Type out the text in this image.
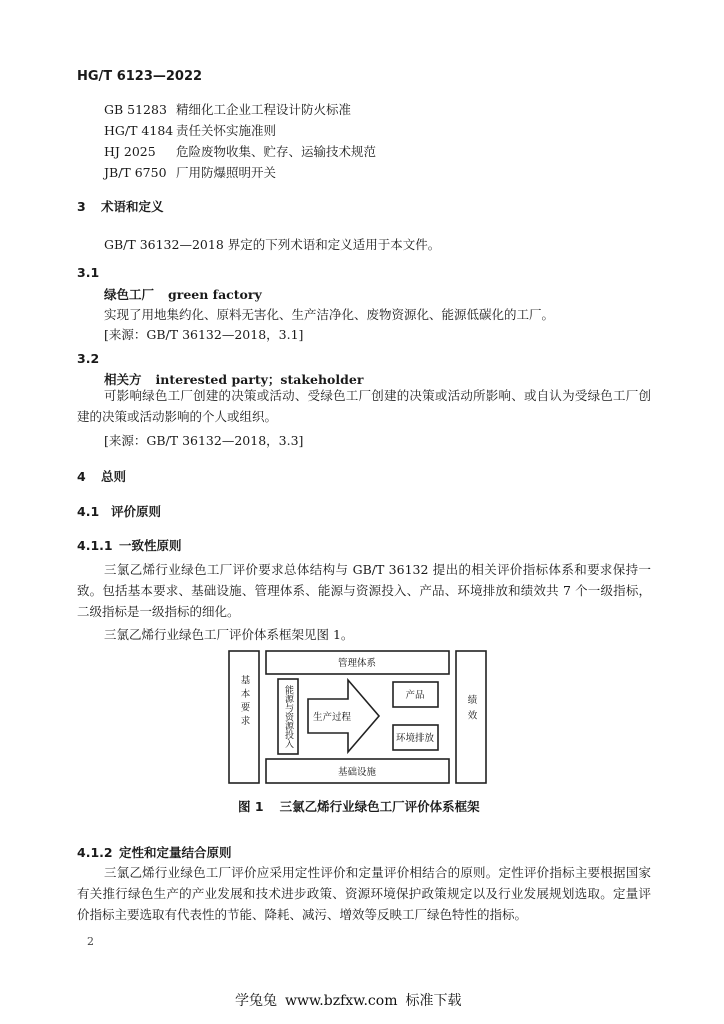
HG/T 6123—2022
GB 51283 精细化工企业工程设计防火标准
HG/T 4184 责任关怀实施准则
HJ 2025 危险废物收集、贮存、运输技术规范
JB/T 6750 厂用防爆照明开关
3 术语和定义
GB/T 36132—2018 界定的下列术语和定义适用于本文件。
3.1
绿色工厂 green factory
实现了用地集约化、原料无害化、生产洁净化、废物资源化、能源低碳化的工厂。
[来源：GB/T 36132—2018，3.1]
3.2
相关方 interested party；stakeholder
可影响绿色工厂创建的决策或活动、受绿色工厂创建的决策或活动所影响、或自认为受绿色工厂创建的决策或活动影响的个人或组织。
[来源：GB/T 36132—2018，3.3]
4 总则
4.1 评价原则
4.1.1 一致性原则
三氯乙烯行业绿色工厂评价要求总体结构与 GB/T 36132 提出的相关评价指标体系和要求保持一致。包括基本要求、基础设施、管理体系、能源与资源投入、产品、环境排放和绩效共 7 个一级指标，二级指标是一级指标的细化。
三氯乙烯行业绿色工厂评价体系框架见图 1。
管理体系
基础设施
生产过程
产品
环境排放
基本要求	绩效
能源与资源投入
图 1 三氯乙烯行业绿色工厂评价体系框架
4.1.2 定性和定量结合原则
三氯乙烯行业绿色工厂评价应采用定性评价和定量评价相结合的原则。定性评价指标主要根据国家有关推行绿色生产的产业发展和技术进步政策、资源环境保护政策规定以及行业发展规划选取。定量评价指标主要选取有代表性的节能、降耗、减污、增效等反映工厂绿色特性的指标。
2
学兔兔 www.bzfxw.com 标准下载
